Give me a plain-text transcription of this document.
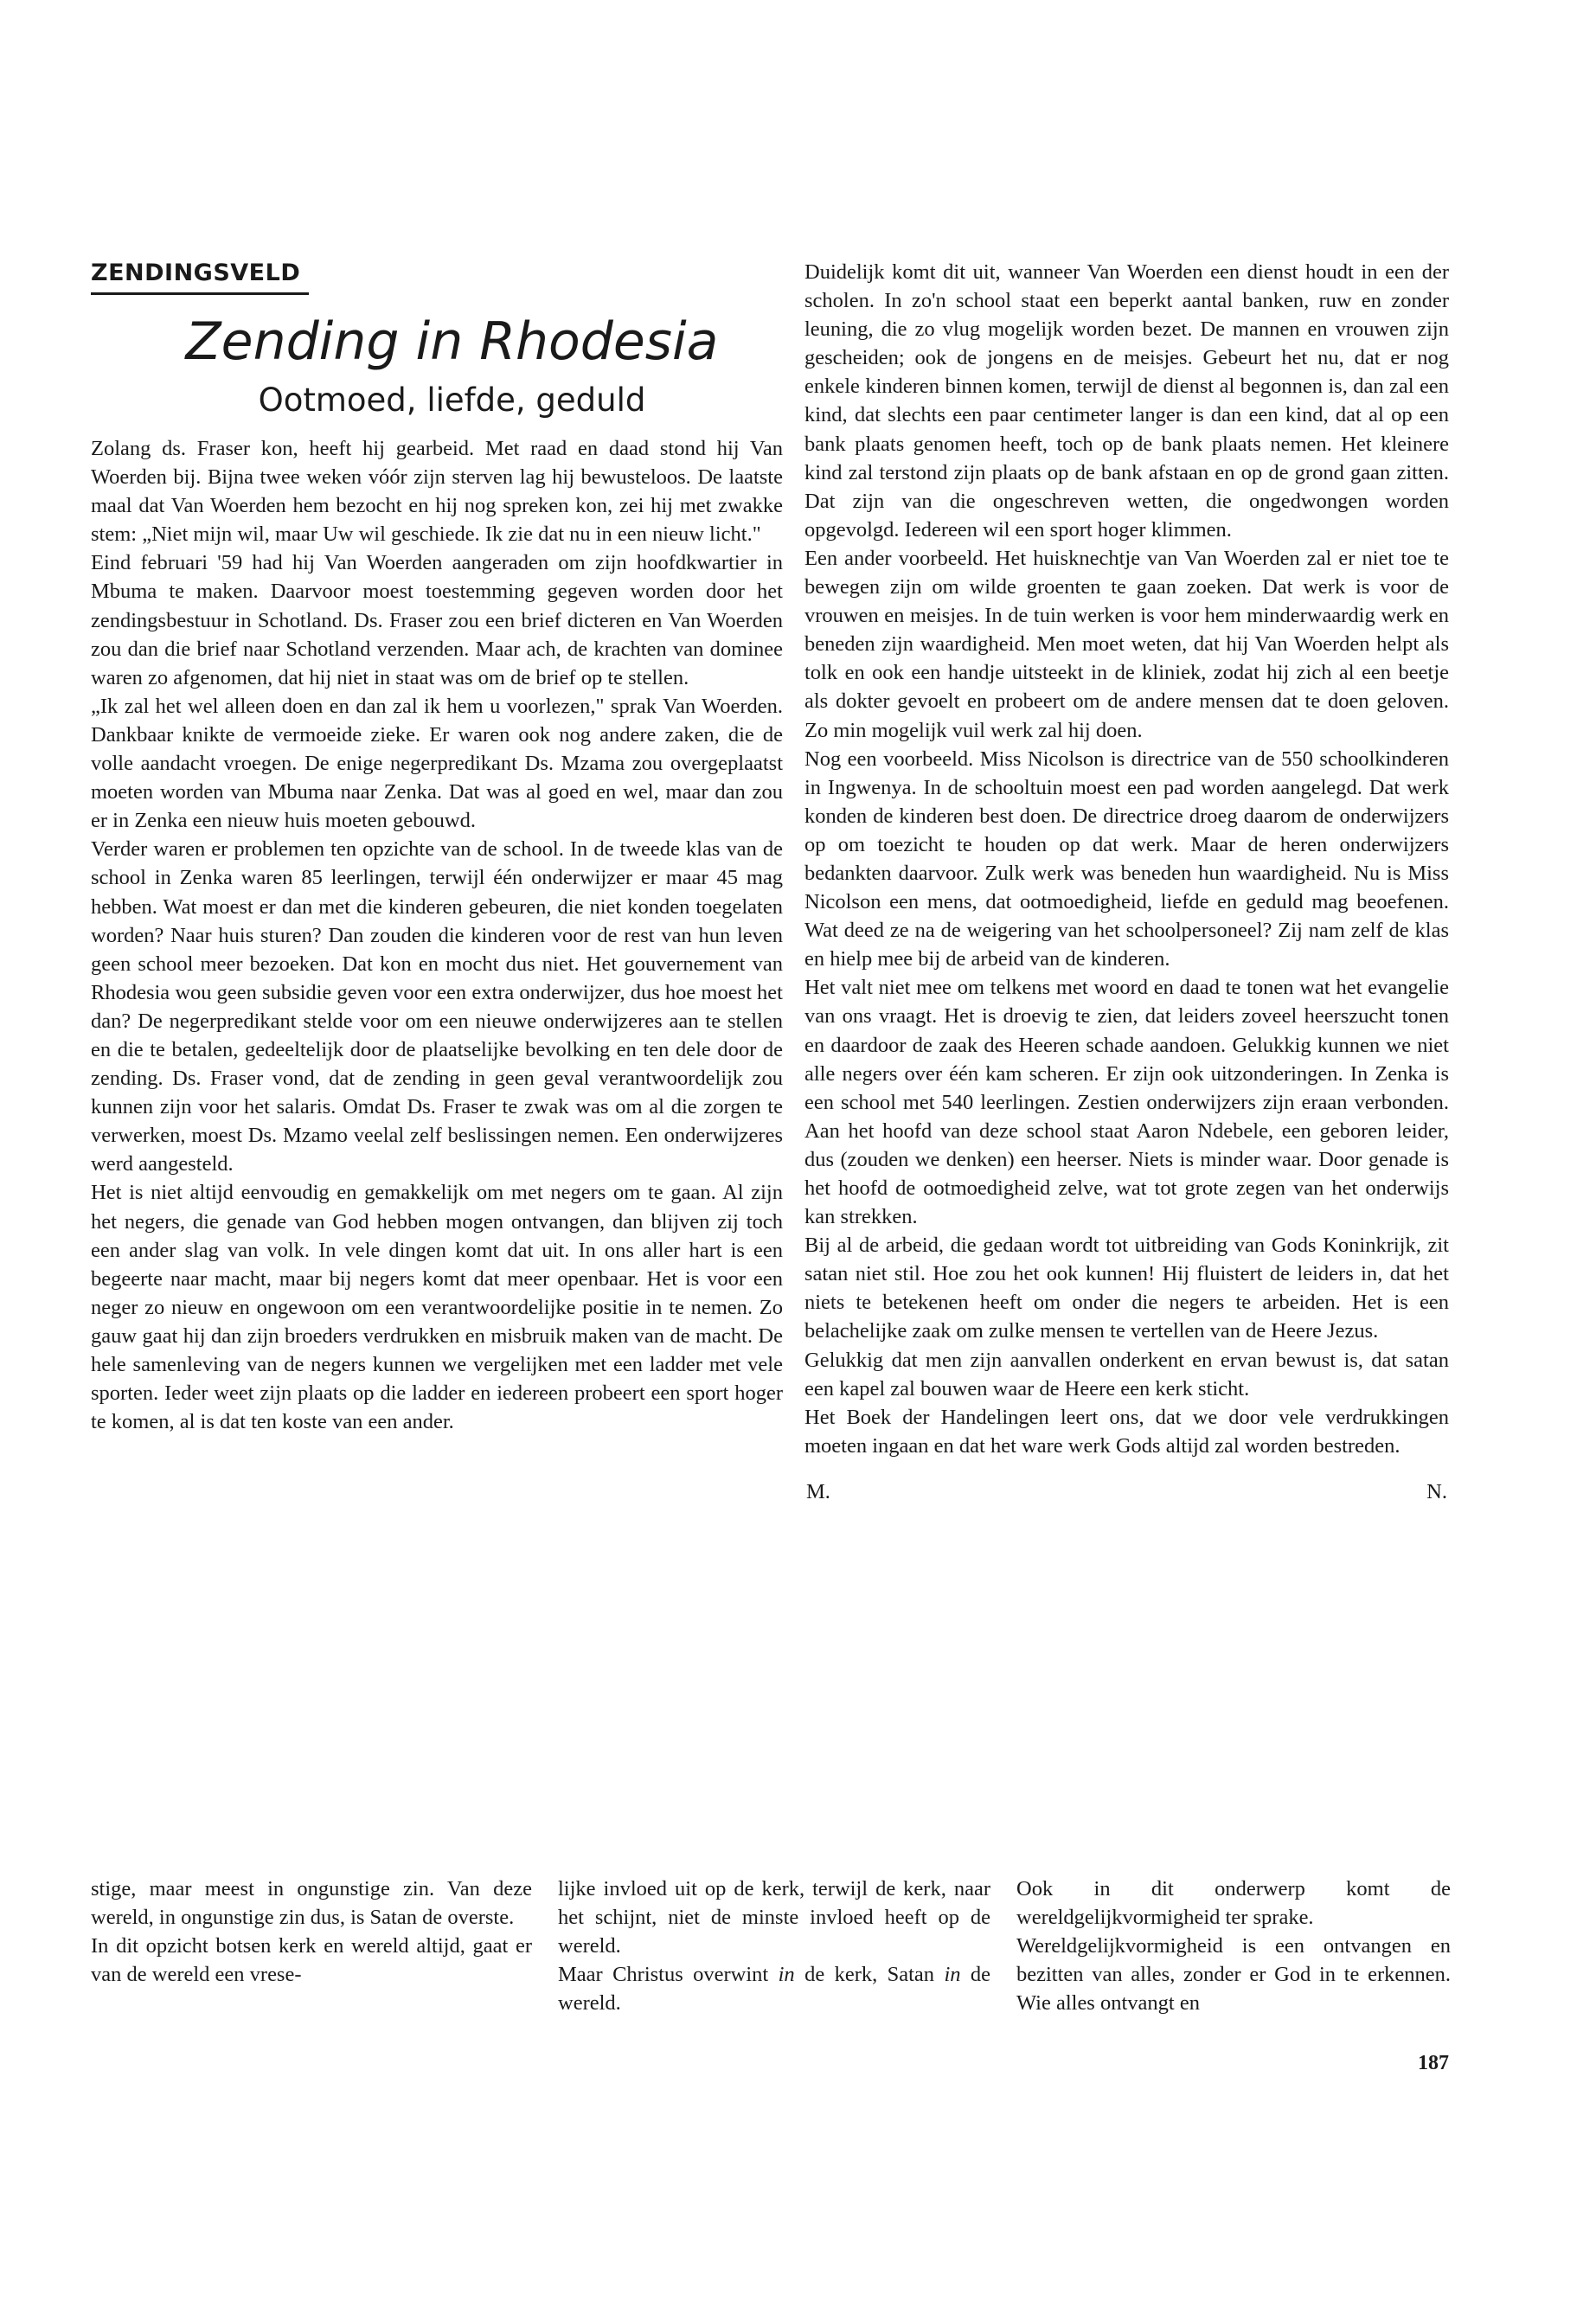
ZENDINGSVELD
Zending in Rhodesia
Ootmoed, liefde, geduld

Zolang ds. Fraser kon, heeft hij gearbeid. Met raad en daad stond hij Van Woerden bij. Bijna twee weken vóór zijn sterven lag hij bewusteloos. De laatste maal dat Van Woerden hem bezocht en hij nog spreken kon, zei hij met zwakke stem: „Niet mijn wil, maar Uw wil geschiede. Ik zie dat nu in een nieuw licht."

Eind februari '59 had hij Van Woerden aangeraden om zijn hoofdkwartier in Mbuma te maken. Daarvoor moest toestemming gegeven worden door het zendingsbestuur in Schotland. Ds. Fraser zou een brief dicteren en Van Woerden zou dan die brief naar Schotland verzenden. Maar ach, de krachten van dominee waren zo afgenomen, dat hij niet in staat was om de brief op te stellen.

„Ik zal het wel alleen doen en dan zal ik hem u voorlezen," sprak Van Woerden. Dankbaar knikte de vermoeide zieke. Er waren ook nog andere zaken, die de volle aandacht vroegen. De enige negerpredikant Ds. Mzama zou overgeplaatst moeten worden van Mbuma naar Zenka. Dat was al goed en wel, maar dan zou er in Zenka een nieuw huis moeten gebouwd.

Verder waren er problemen ten opzichte van de school. In de tweede klas van de school in Zenka waren 85 leerlingen, terwijl één onderwijzer er maar 45 mag hebben. Wat moest er dan met die kinderen gebeuren, die niet konden toegelaten worden? Naar huis sturen? Dan zouden die kinderen voor de rest van hun leven geen school meer bezoeken. Dat kon en mocht dus niet. Het gouvernement van Rhodesia wou geen subsidie geven voor een extra onderwijzer, dus hoe moest het dan? De negerpredikant stelde voor om een nieuwe onderwijzeres aan te stellen en die te betalen, gedeeltelijk door de plaatselijke bevolking en ten dele door de zending. Ds. Fraser vond, dat de zending in geen geval verantwoordelijk zou kunnen zijn voor het salaris. Omdat Ds. Fraser te zwak was om al die zorgen te verwerken, moest Ds. Mzamo veelal zelf beslissingen nemen. Een onderwijzeres werd aangesteld.

Het is niet altijd eenvoudig en gemakkelijk om met negers om te gaan. Al zijn het negers, die genade van God hebben mogen ontvangen, dan blijven zij toch een ander slag van volk. In vele dingen komt dat uit. In ons aller hart is een begeerte naar macht, maar bij negers komt dat meer openbaar. Het is voor een neger zo nieuw en ongewoon om een verantwoordelijke positie in te nemen. Zo gauw gaat hij dan zijn broeders verdrukken en misbruik maken van de macht. De hele samenleving van de negers kunnen we vergelijken met een ladder met vele sporten. Ieder weet zijn plaats op die ladder en iedereen probeert een sport hoger te komen, al is dat ten koste van een ander.

Duidelijk komt dit uit, wanneer Van Woerden een dienst houdt in een der scholen. In zo'n school staat een beperkt aantal banken, ruw en zonder leuning, die zo vlug mogelijk worden bezet. De mannen en vrouwen zijn gescheiden; ook de jongens en de meisjes. Gebeurt het nu, dat er nog enkele kinderen binnen komen, terwijl de dienst al begonnen is, dan zal een kind, dat slechts een paar centimeter langer is dan een kind, dat al op een bank plaats genomen heeft, toch op de bank plaats nemen. Het kleinere kind zal terstond zijn plaats op de bank afstaan en op de grond gaan zitten. Dat zijn van die ongeschreven wetten, die ongedwongen worden opgevolgd. Iedereen wil een sport hoger klimmen.

Een ander voorbeeld. Het huisknechtje van Van Woerden zal er niet toe te bewegen zijn om wilde groenten te gaan zoeken. Dat werk is voor de vrouwen en meisjes. In de tuin werken is voor hem minderwaardig werk en beneden zijn waardigheid. Men moet weten, dat hij Van Woerden helpt als tolk en ook een handje uitsteekt in de kliniek, zodat hij zich al een beetje als dokter gevoelt en probeert om de andere mensen dat te doen geloven. Zo min mogelijk vuil werk zal hij doen.

Nog een voorbeeld. Miss Nicolson is directrice van de 550 schoolkinderen in Ingwenya. In de schooltuin moest een pad worden aangelegd. Dat werk konden de kinderen best doen. De directrice droeg daarom de onderwijzers op om toezicht te houden op dat werk. Maar de heren onderwijzers bedankten daarvoor. Zulk werk was beneden hun waardigheid. Nu is Miss Nicolson een mens, dat ootmoedigheid, liefde en geduld mag beoefenen. Wat deed ze na de weigering van het schoolpersoneel? Zij nam zelf de klas en hielp mee bij de arbeid van de kinderen.

Het valt niet mee om telkens met woord en daad te tonen wat het evangelie van ons vraagt. Het is droevig te zien, dat leiders zoveel heerszucht tonen en daardoor de zaak des Heeren schade aandoen. Gelukkig kunnen we niet alle negers over één kam scheren. Er zijn ook uitzonderingen. In Zenka is een school met 540 leerlingen. Zestien onderwijzers zijn eraan verbonden. Aan het hoofd van deze school staat Aaron Ndebele, een geboren leider, dus (zouden we denken) een heerser. Niets is minder waar. Door genade is het hoofd de ootmoedigheid zelve, wat tot grote zegen van het onderwijs kan strekken.

Bij al de arbeid, die gedaan wordt tot uitbreiding van Gods Koninkrijk, zit satan niet stil. Hoe zou het ook kunnen! Hij fluistert de leiders in, dat het niets te betekenen heeft om onder die negers te arbeiden. Het is een belachelijke zaak om zulke mensen te vertellen van de Heere Jezus.

Gelukkig dat men zijn aanvallen onderkent en ervan bewust is, dat satan een kapel zal bouwen waar de Heere een kerk sticht.

Het Boek der Handelingen leert ons, dat we door vele verdrukkingen moeten ingaan en dat het ware werk Gods altijd zal worden bestreden.

M.	N.

stige, maar meest in ongunstige zin. Van deze wereld, in ongunstige zin dus, is Satan de overste.

In dit opzicht botsen kerk en wereld altijd, gaat er van de wereld een vrese-

lijke invloed uit op de kerk, terwijl de kerk, naar het schijnt, niet de minste invloed heeft op de wereld.

Maar Christus overwint in de kerk, Satan in de wereld.

Ook in dit onderwerp komt de wereldgelijkvormigheid ter sprake.

Wereldgelijkvormigheid is een ontvangen en bezitten van alles, zonder er God in te erkennen. Wie alles ontvangt en

187
